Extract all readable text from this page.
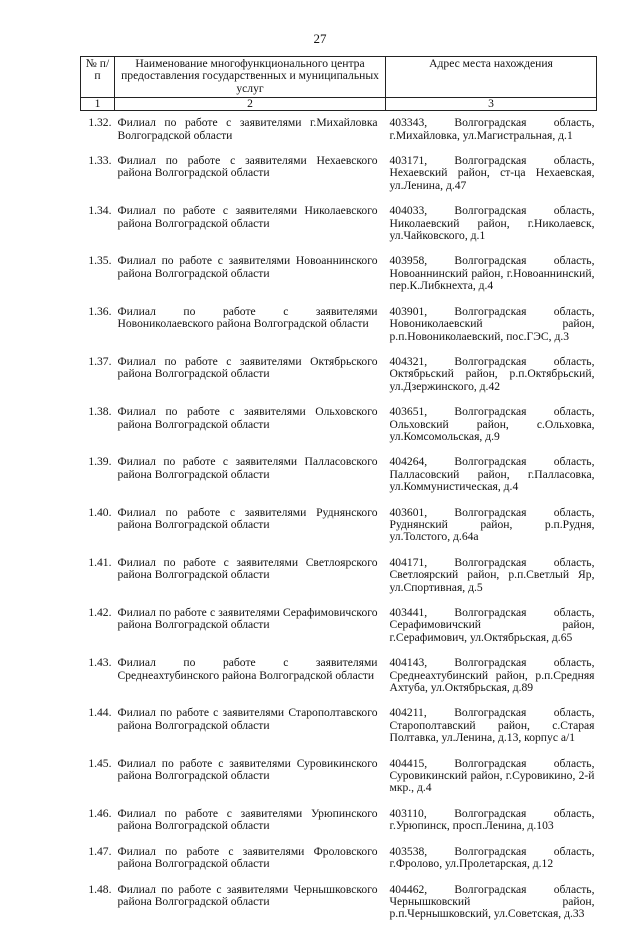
27
№ п/п	Наименование многофункционального центра предоставления государственных и муниципальных услуг	Адрес места нахождения
1	2	3

1.32.	Филиал по работе с заявителями г.Михайловка Волгоградской области	403343, Волгоградская область, г.Михайловка, ул.Магистральная, д.1

1.33.	Филиал по работе с заявителями Нехаевского района Волгоградской области	403171, Волгоградская область, Нехаевский район, ст-ца Нехаевская, ул.Ленина, д.47

1.34.	Филиал по работе с заявителями Николаевского района Волгоградской области	404033, Волгоградская область, Николаевский район, г.Николаевск, ул.Чайковского, д.1

1.35.	Филиал по работе с заявителями Новоаннинского района Волгоградской области	403958, Волгоградская область, Новоаннинский район, г.Новоаннинский, пер.К.Либкнехта, д.4

1.36.	Филиал по работе с заявителями Новониколаевского района Волгоградской области	403901, Волгоградская область, Новониколаевский район, р.п.Новониколаевский, пос.ГЭС, д.3

1.37.	Филиал по работе с заявителями Октябрьского района Волгоградской области	404321, Волгоградская область, Октябрьский район, р.п.Октябрьский, ул.Дзержинского, д.42

1.38.	Филиал по работе с заявителями Ольховского района Волгоградской области	403651, Волгоградская область, Ольховский район, с.Ольховка, ул.Комсомольская, д.9

1.39.	Филиал по работе с заявителями Палласовского района Волгоградской области	404264, Волгоградская область, Палласовский район, г.Палласовка, ул.Коммунистическая, д.4

1.40.	Филиал по работе с заявителями Руднянского района Волгоградской области	403601, Волгоградская область, Руднянский район, р.п.Рудня, ул.Толстого, д.64а

1.41.	Филиал по работе с заявителями Светлоярского района Волгоградской области	404171, Волгоградская область, Светлоярский район, р.п.Светлый Яр, ул.Спортивная, д.5

1.42.	Филиал по работе с заявителями Серафимовичского района Волгоградской области	403441, Волгоградская область, Серафимовичский район, г.Серафимович, ул.Октябрьская, д.65

1.43.	Филиал по работе с заявителями Среднеахтубинского района Волгоградской области	404143, Волгоградская область, Среднеахтубинский район, р.п.Средняя Ахтуба, ул.Октябрьская, д.89

1.44.	Филиал по работе с заявителями Старополтавского района Волгоградской области	404211, Волгоградская область, Старополтавский район, с.Старая Полтавка, ул.Ленина, д.13, корпус а/1

1.45.	Филиал по работе с заявителями Суровикинского района Волгоградской области	404415, Волгоградская область, Суровикинский район, г.Суровикино, 2-й мкр., д.4

1.46.	Филиал по работе с заявителями Урюпинского района Волгоградской области	403110, Волгоградская область, г.Урюпинск, просп.Ленина, д.103

1.47.	Филиал по работе с заявителями Фроловского района Волгоградской области	403538, Волгоградская область, г.Фролово, ул.Пролетарская, д.12

1.48.	Филиал по работе с заявителями Чернышковского района Волгоградской области	404462, Волгоградская область, Чернышковский район, р.п.Чернышковский, ул.Советская, д.33
